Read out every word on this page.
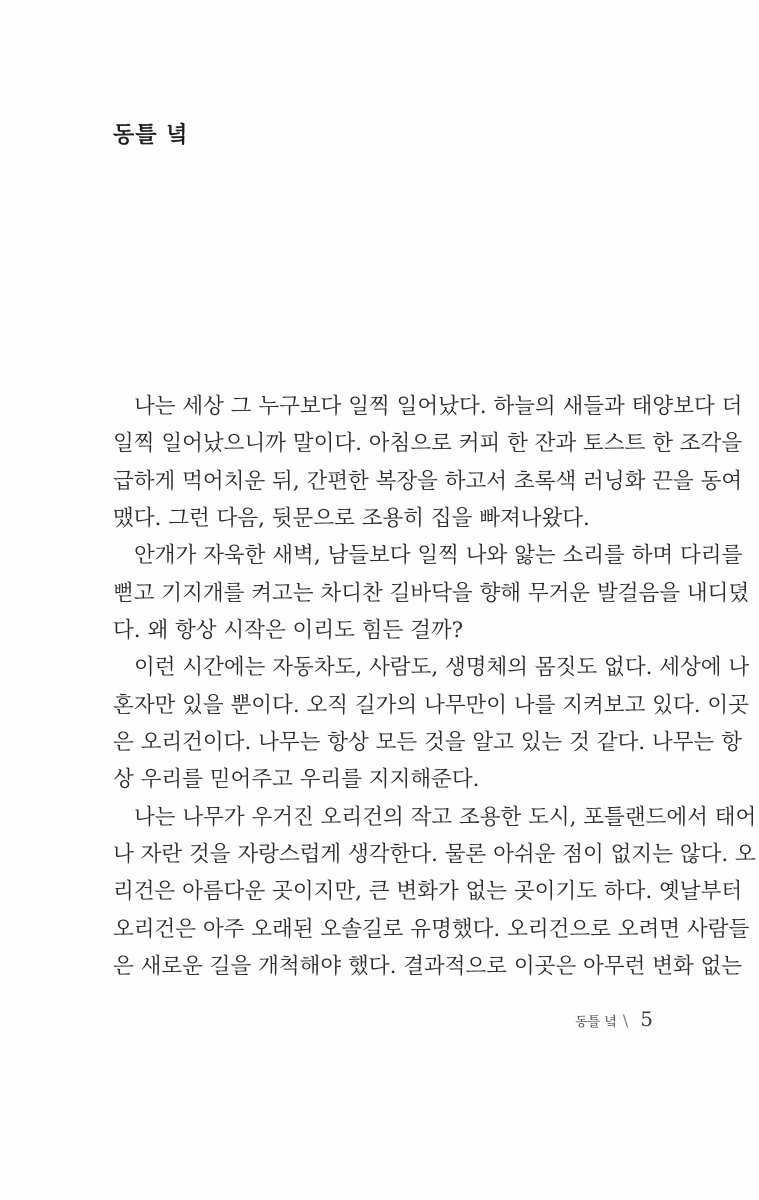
동틀 녘
나는 세상 그 누구보다 일찍 일어났다. 하늘의 새들과 태양보다 더
일찍 일어났으니까 말이다. 아침으로 커피 한 잔과 토스트 한 조각을
급하게 먹어치운 뒤, 간편한 복장을 하고서 초록색 러닝화 끈을 동여
맸다. 그런 다음, 뒷문으로 조용히 집을 빠져나왔다.
안개가 자욱한 새벽, 남들보다 일찍 나와 앓는 소리를 하며 다리를
뻗고 기지개를 켜고는 차디찬 길바닥을 향해 무거운 발걸음을 내디뎠
다. 왜 항상 시작은 이리도 힘든 걸까?
이런 시간에는 자동차도, 사람도, 생명체의 몸짓도 없다. 세상에 나
혼자만 있을 뿐이다. 오직 길가의 나무만이 나를 지켜보고 있다. 이곳
은 오리건이다. 나무는 항상 모든 것을 알고 있는 것 같다. 나무는 항
상 우리를 믿어주고 우리를 지지해준다.
나는 나무가 우거진 오리건의 작고 조용한 도시, 포틀랜드에서 태어
나 자란 것을 자랑스럽게 생각한다. 물론 아쉬운 점이 없지는 않다. 오
리건은 아름다운 곳이지만, 큰 변화가 없는 곳이기도 하다. 옛날부터
오리건은 아주 오래된 오솔길로 유명했다. 오리건으로 오려면 사람들
은 새로운 길을 개척해야 했다. 결과적으로 이곳은 아무런 변화 없는
동틀 녘 \ 5
